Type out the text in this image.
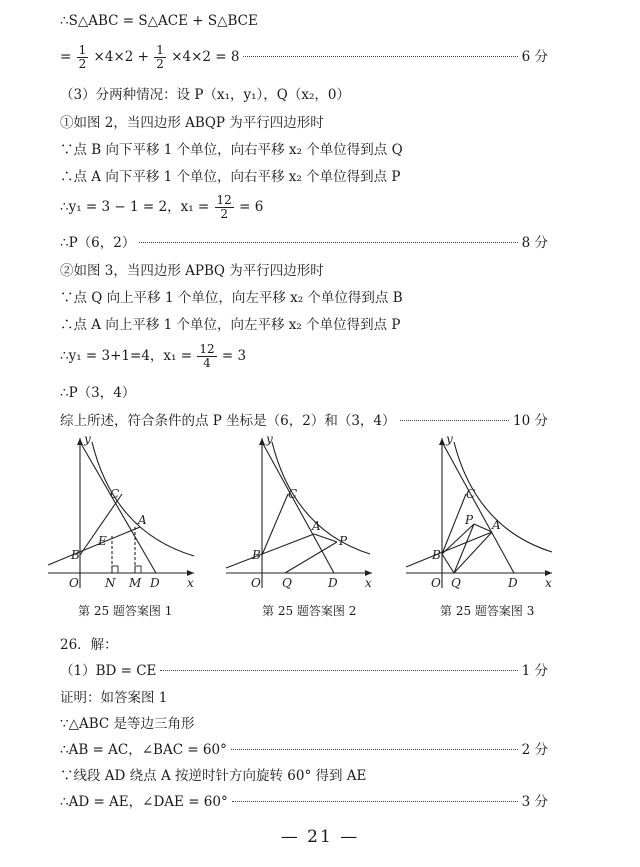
∴S△ABC = S△ACE + S△BCE
= $\frac{1}{2} \times 4\times 2 + \frac{1}{2} \times 4\times 2 = 8$	6 分
（3）分两种情况：设 P（x₁，y₁），Q（x₂，0）
①如图 2，当四边形 ABQP 为平行四边形时
∵点 B 向下平移 1 个单位，向右平移 x₂ 个单位得到点 Q
∴点 A 向下平移 1 个单位，向右平移 x₂ 个单位得到点 P
∴y₁ = 3 − 1 = 2，$x_1 = \frac{12}{2} = 6$
∴P（6，2）	8 分
②如图 3，当四边形 APBQ 为平行四边形时
∵点 Q 向上平移 1 个单位，向左平移 x₂ 个单位得到点 B
∴点 A 向上平移 1 个单位，向左平移 x₂ 个单位得到点 P
∴y₁ = 3+1=4，$x_1 = \frac{12}{4} = 3$
∴P（3，4）
综上所述，符合条件的点 P 坐标是（6，2）和（3，4）	10 分
y
x
O
B
C
A
E
N M D
y
x
O
B
C
A
P
Q	D
y
x
O
B
C
A
P
Q	D
第 25 题答案图 1	第 25 题答案图 2	第 25 题答案图 3
26．解：
（1）BD = CE	1 分
证明：如答案图 1
∵△ABC 是等边三角形
∴AB = AC，∠BAC = 60°	2 分
∵线段 AD 绕点 A 按逆时针方向旋转 60° 得到 AE
∴AD = AE，∠DAE = 60°	3 分
— 21 —
